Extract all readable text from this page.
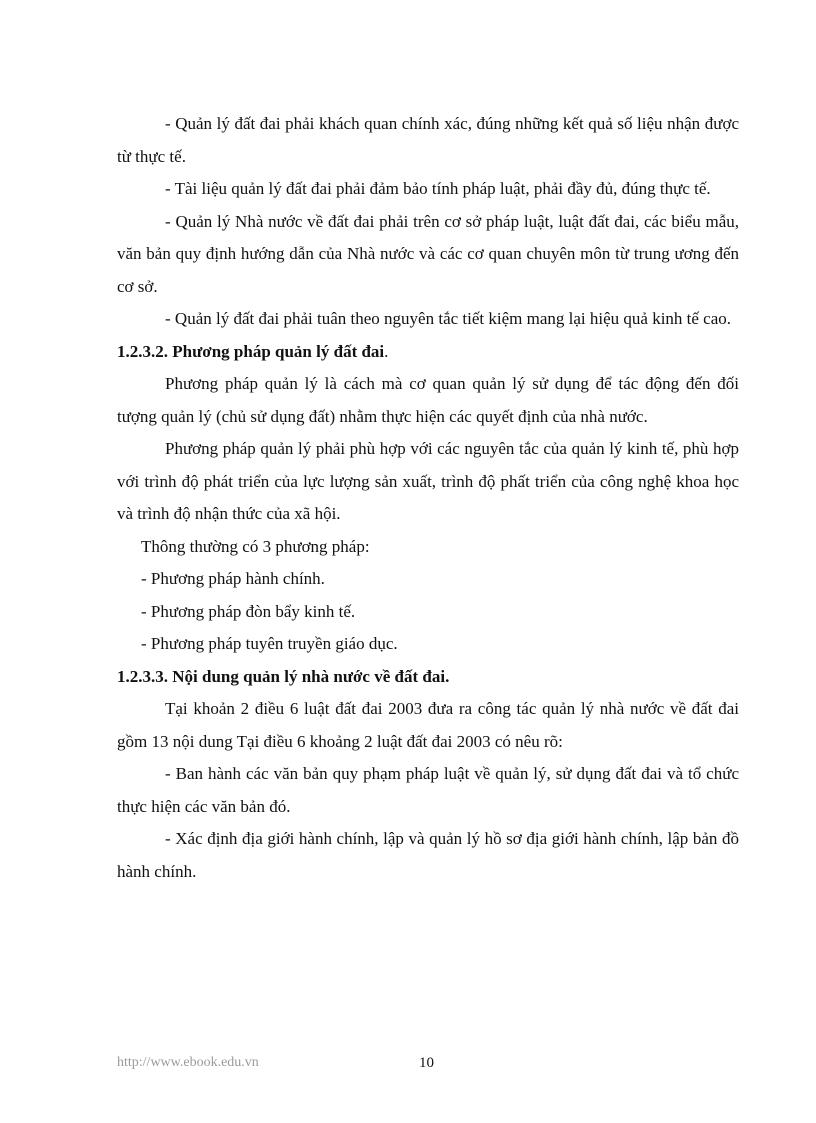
- Quản lý đất đai phải khách quan chính xác, đúng những kết quả số liệu nhận được từ thực tế.

- Tài liệu quản lý đất đai phải đảm bảo tính pháp luật, phải đầy đủ, đúng thực tế.

- Quản lý Nhà nước về đất đai phải trên cơ sở pháp luật, luật đất đai, các biểu mẫu, văn bản quy định hướng dẫn của Nhà nước và các cơ quan chuyên môn từ trung ương đến cơ sở.

- Quản lý đất đai phải tuân theo nguyên tắc tiết kiệm mang lại hiệu quả kinh tế cao.

1.2.3.2. Phương pháp quản lý đất đai.

Phương pháp quản lý là cách mà cơ quan quản lý sử dụng để tác động đến đối tượng quản lý (chủ sử dụng đất) nhằm thực hiện các quyết định của nhà nước.

Phương pháp quản lý phải phù hợp với các nguyên tắc của quản lý kinh tế, phù hợp với trình độ phát triển của lực lượng sản xuất, trình độ phất triển của công nghệ khoa học và trình độ nhận thức của xã hội.

Thông thường có 3 phương pháp:

- Phương pháp hành chính.

- Phương pháp đòn bẩy kinh tế.

- Phương pháp tuyên truyền giáo dục.

1.2.3.3. Nội dung quản lý nhà nước về đất đai.

Tại khoản 2 điều 6 luật đất đai 2003 đưa ra công tác quản lý nhà nước về đất đai gồm 13 nội dung Tại điều 6 khoảng 2 luật đất đai 2003 có nêu rõ:

- Ban hành các văn bản quy phạm pháp luật về quản lý, sử dụng đất đai và tổ chức thực hiện các văn bản đó.

- Xác định địa giới hành chính, lập và quản lý hồ sơ địa giới hành chính, lập bản đồ hành chính.

http://www.ebook.edu.vn	10
